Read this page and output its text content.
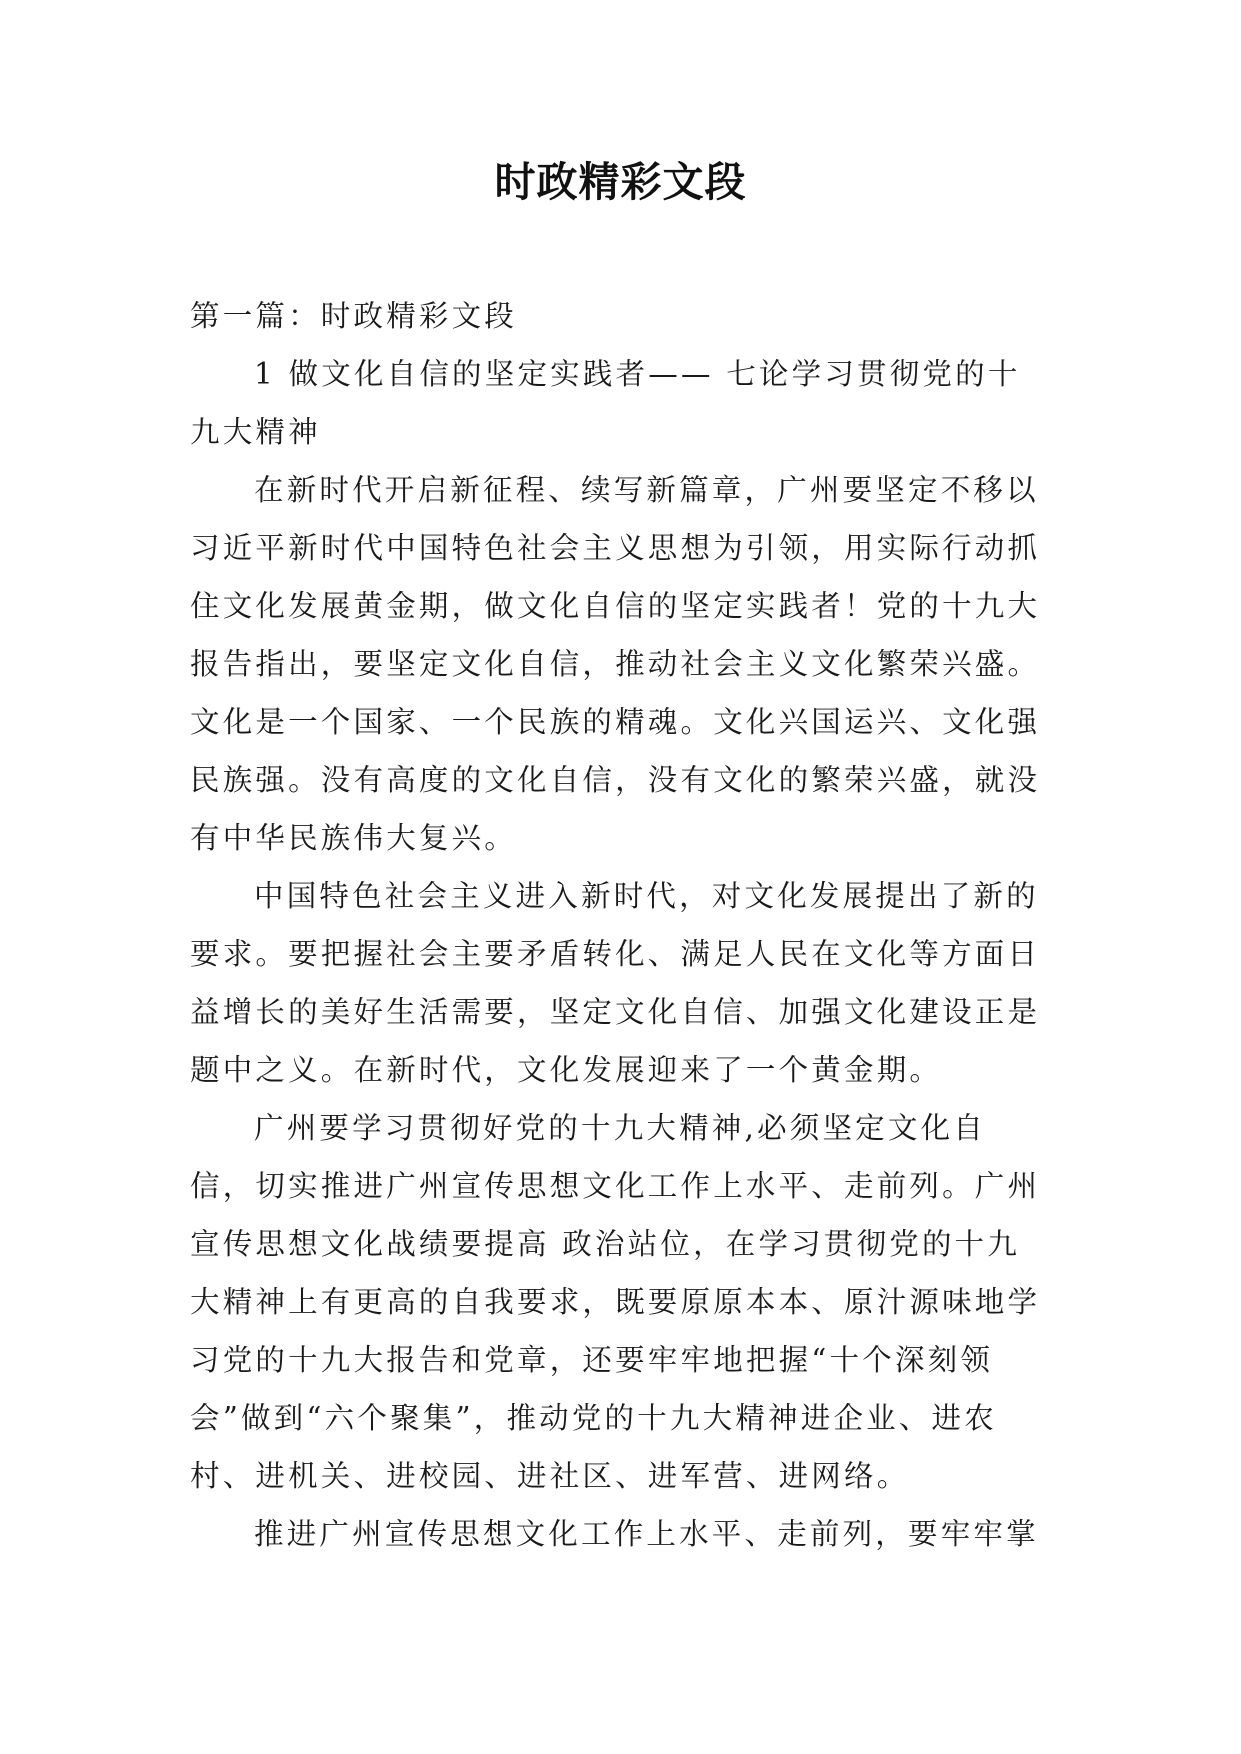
时政精彩文段

第一篇：时政精彩文段

1 做文化自信的坚定实践者—— 七论学习贯彻党的十九大精神

在新时代开启新征程、续写新篇章，广州要坚定不移以习近平新时代中国特色社会主义思想为引领，用实际行动抓住文化发展黄金期，做文化自信的坚定实践者！党的十九大报告指出，要坚定文化自信，推动社会主义文化繁荣兴盛。文化是一个国家、一个民族的精魂。文化兴国运兴、文化强民族强。没有高度的文化自信，没有文化的繁荣兴盛，就没有中华民族伟大复兴。

中国特色社会主义进入新时代，对文化发展提出了新的要求。要把握社会主要矛盾转化、满足人民在文化等方面日益增长的美好生活需要，坚定文化自信、加强文化建设正是题中之义。在新时代，文化发展迎来了一个黄金期。

广州要学习贯彻好党的十九大精神,必须坚定文化自信，切实推进广州宣传思想文化工作上水平、走前列。广州宣传思想文化战绩要提高 政治站位，在学习贯彻党的十九大精神上有更高的自我要求，既要原原本本、原汁源味地学习党的十九大报告和党章，还要牢牢地把握“十个深刻领会”做到“六个聚集”，推动党的十九大精神进企业、进农村、进机关、进校园、进社区、进军营、进网络。

推进广州宣传思想文化工作上水平、走前列，要牢牢掌
